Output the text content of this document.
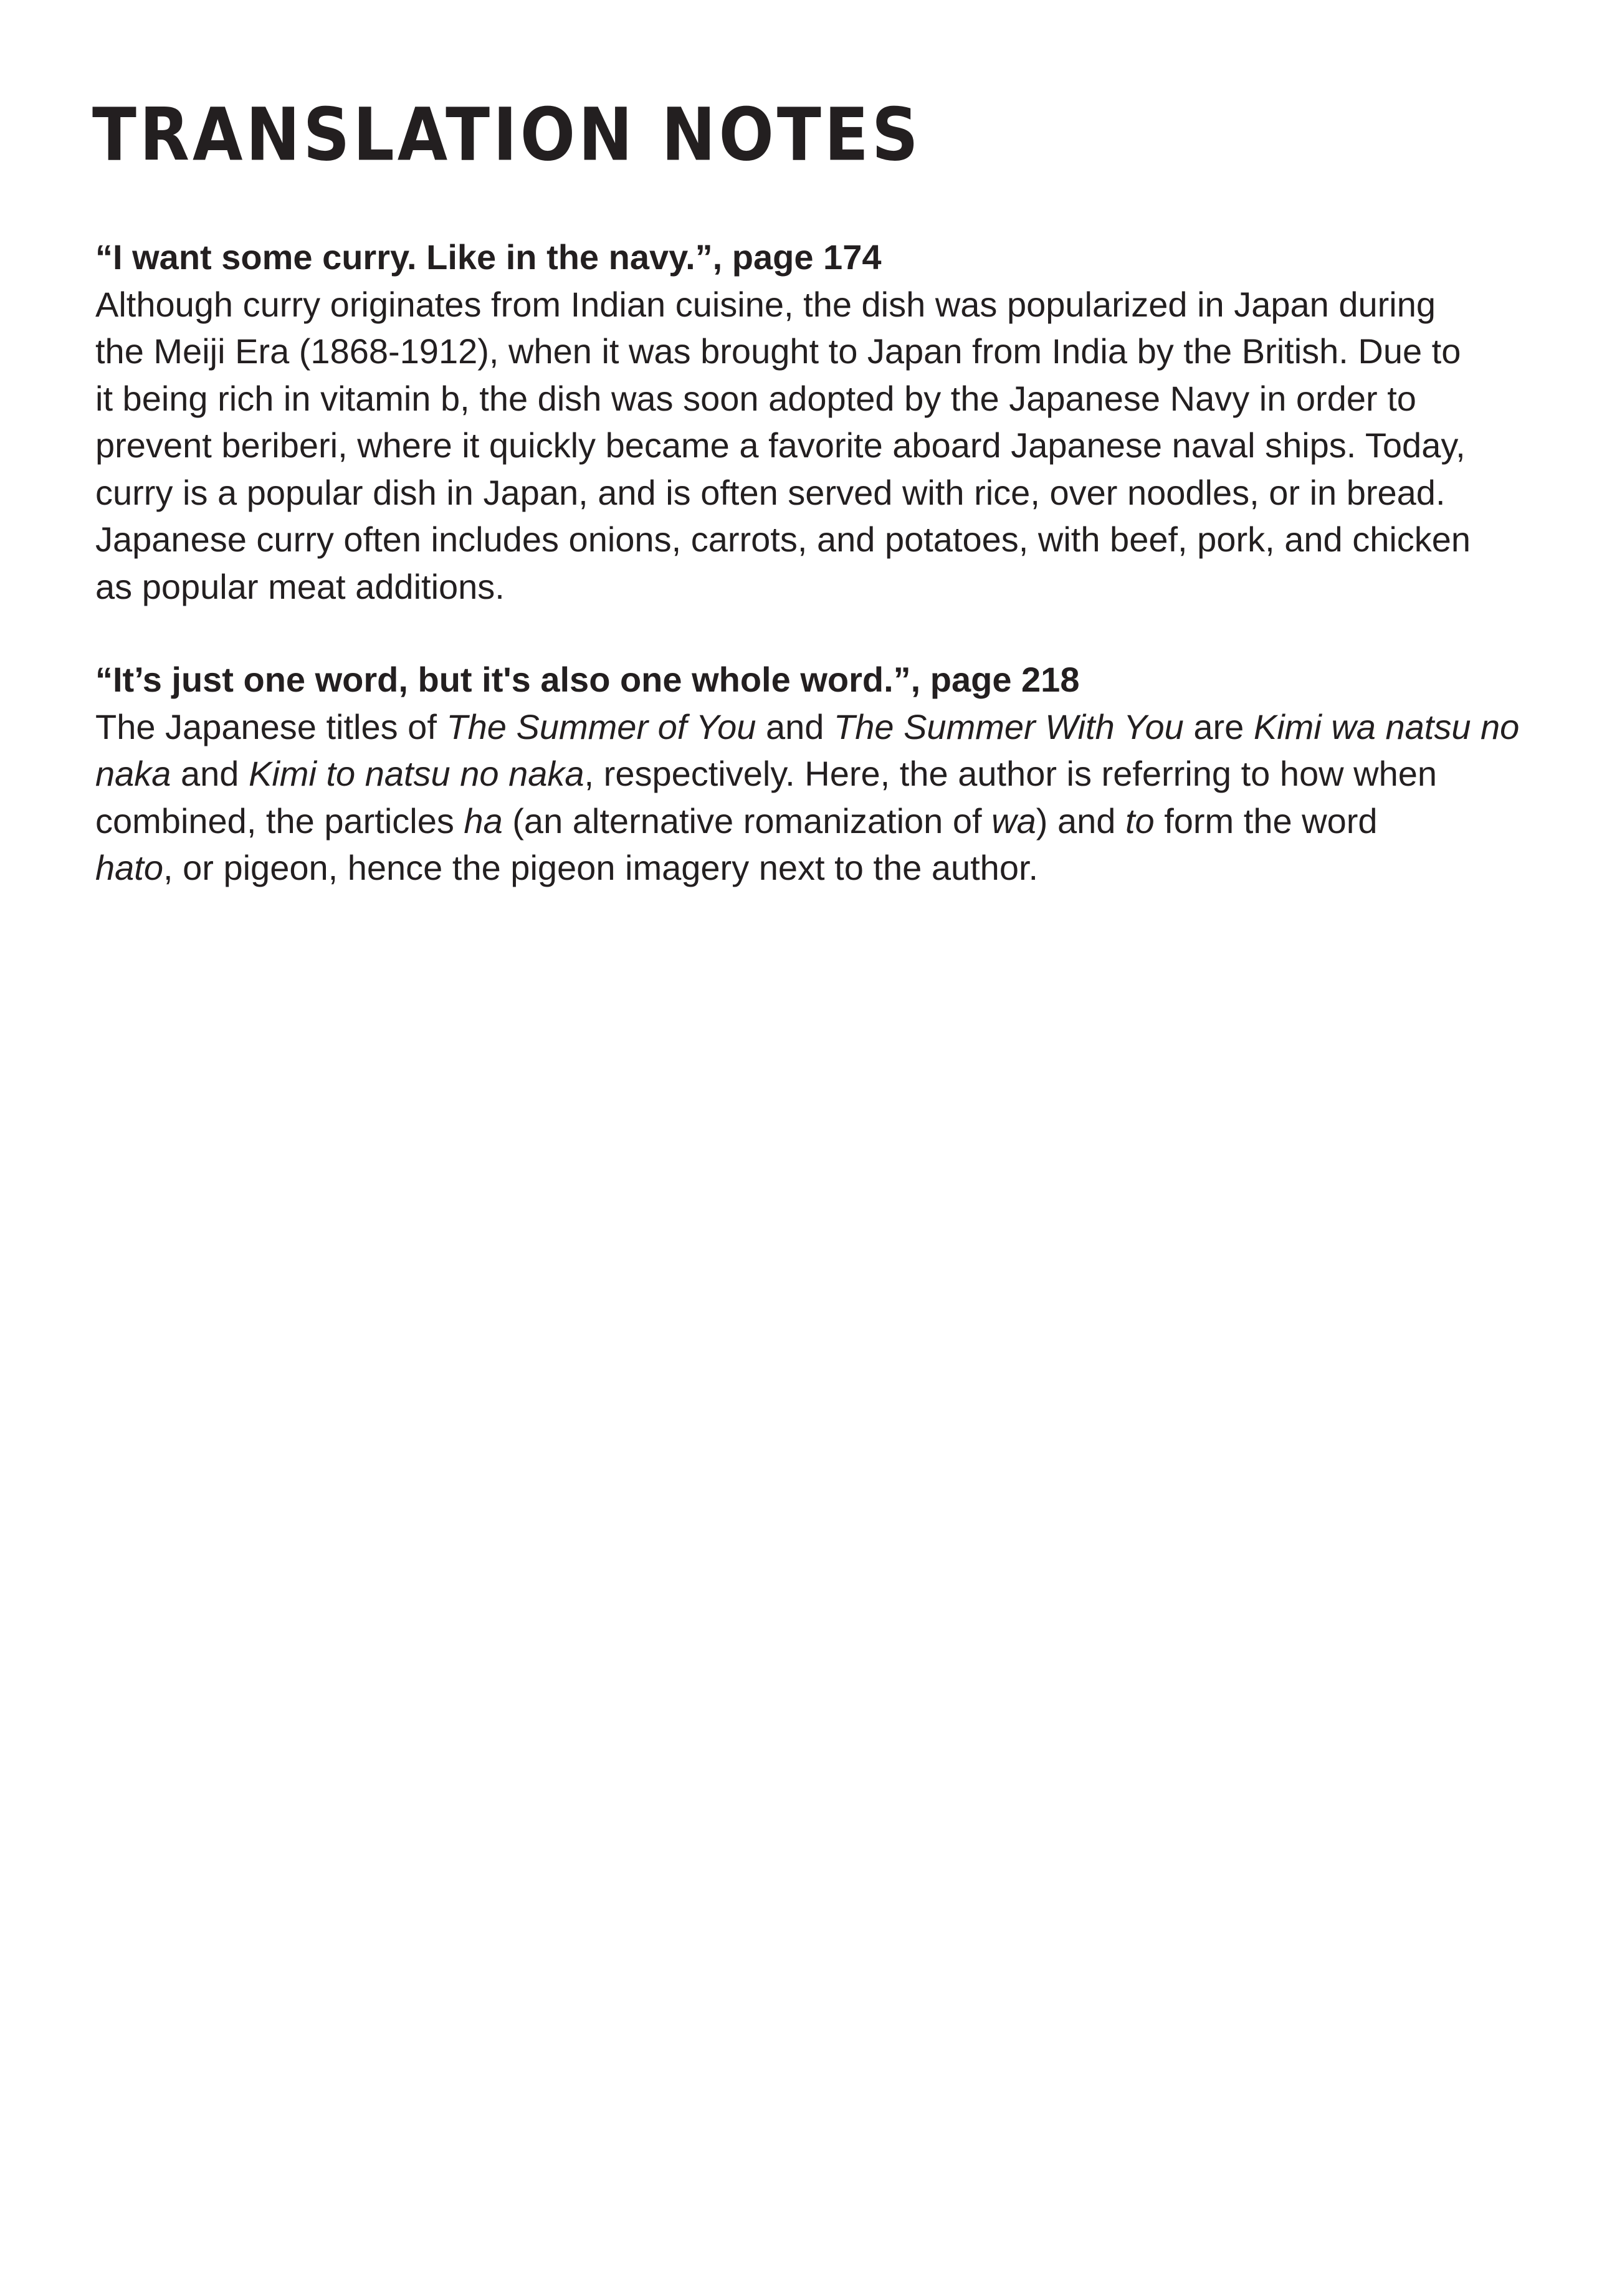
TRANSLATION NOTES

“I want some curry. Like in the navy.”, page 174

Although curry originates from Indian cuisine, the dish was popularized in Japan during
the Meiji Era (1868-1912), when it was brought to Japan from India by the British. Due to
it being rich in vitamin b, the dish was soon adopted by the Japanese Navy in order to
prevent beriberi, where it quickly became a favorite aboard Japanese naval ships. Today,
curry is a popular dish in Japan, and is often served with rice, over noodles, or in bread.
Japanese curry often includes onions, carrots, and potatoes, with beef, pork, and chicken
as popular meat additions.

“It’s just one word, but it's also one whole word.”, page 218

The Japanese titles of The Summer of You and The Summer With You are Kimi wa natsu no
naka and Kimi to natsu no naka, respectively. Here, the author is referring to how when
combined, the particles ha (an alternative romanization of wa) and to form the word
hato, or pigeon, hence the pigeon imagery next to the author.
